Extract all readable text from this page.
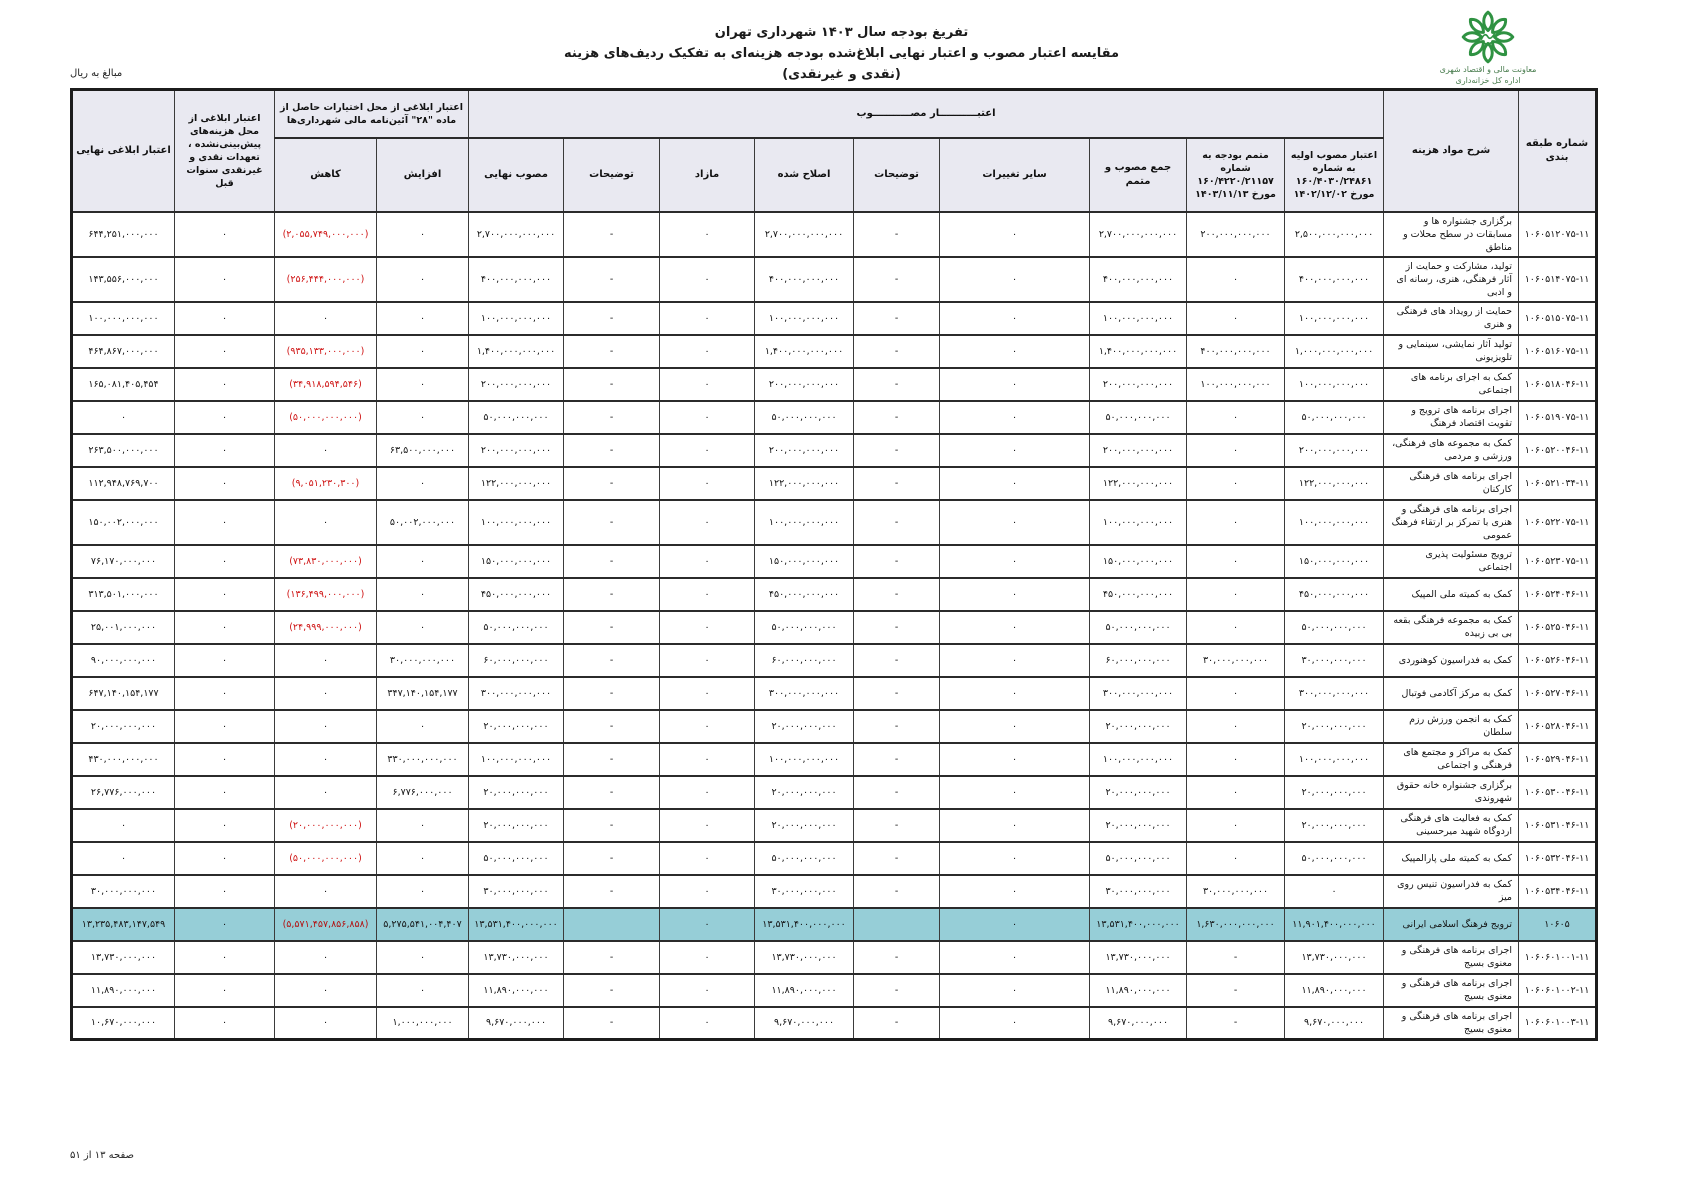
تفریغ بودجه سال ۱۴۰۳ شهرداری تهران
مقایسه اعتبار مصوب و اعتبار نهایی ابلاغ‌شده بودجه هزینه‌ای به تفکیک ردیف‌های هزینه
(نقدی و غیرنقدی)
مبالغ به ریال	معاونت مالی و اقتصاد شهری
اداره کل خزانه‌داری
شماره طبقه بندی	شرح مواد هزینه	اعتبـــــــــــار مصـــــــــــوب									اعتبار ابلاغی از محل اختیارات حاصل از ماده "۲۸" آئین‌نامه مالی شهرداری‌ها		اعتبار ابلاغی از محل هزینه‌های پیش‌بینی‌نشده ، تعهدات نقدی و غیرنقدی سنوات قبل	اعتبار ابلاغی نهایی
		اعتبار مصوب اولیه به شماره ۱۶۰/۴۰۳۰/۲۴۸۶۱ مورخ ۱۴۰۲/۱۲/۰۲	متمم بودجه به شماره ۱۶۰/۴۲۲۰/۲۱۱۵۷ مورخ ۱۴۰۳/۱۱/۱۳	جمع مصوب و متمم	سایر تغییرات	توضیحات	اصلاح شده	مازاد	توضیحات	مصوب نهایی	افزایش	کاهش		
۱۰۶۰۵۱۲۰۷۵-۱۱	برگزاری جشنواره ها و مسابقات در سطح محلات و مناطق	۲,۵۰۰,۰۰۰,۰۰۰,۰۰۰	۲۰۰,۰۰۰,۰۰۰,۰۰۰	۲,۷۰۰,۰۰۰,۰۰۰,۰۰۰	۰	-	۲,۷۰۰,۰۰۰,۰۰۰,۰۰۰	۰	-	۲,۷۰۰,۰۰۰,۰۰۰,۰۰۰	۰	(۲,۰۵۵,۷۴۹,۰۰۰,۰۰۰)	۰	۶۴۴,۲۵۱,۰۰۰,۰۰۰
۱۰۶۰۵۱۴۰۷۵-۱۱	تولید، مشارکت و حمایت از آثار فرهنگی، هنری، رسانه ای و ادبی	۴۰۰,۰۰۰,۰۰۰,۰۰۰	۰	۴۰۰,۰۰۰,۰۰۰,۰۰۰	۰	-	۴۰۰,۰۰۰,۰۰۰,۰۰۰	۰	-	۴۰۰,۰۰۰,۰۰۰,۰۰۰	۰	(۲۵۶,۴۴۴,۰۰۰,۰۰۰)	۰	۱۴۳,۵۵۶,۰۰۰,۰۰۰
۱۰۶۰۵۱۵۰۷۵-۱۱	حمایت از رویداد های فرهنگی و هنری	۱۰۰,۰۰۰,۰۰۰,۰۰۰	۰	۱۰۰,۰۰۰,۰۰۰,۰۰۰	۰	-	۱۰۰,۰۰۰,۰۰۰,۰۰۰	۰	-	۱۰۰,۰۰۰,۰۰۰,۰۰۰	۰	۰	۰	۱۰۰,۰۰۰,۰۰۰,۰۰۰
۱۰۶۰۵۱۶۰۷۵-۱۱	تولید آثار نمایشی، سینمایی و تلویزیونی	۱,۰۰۰,۰۰۰,۰۰۰,۰۰۰	۴۰۰,۰۰۰,۰۰۰,۰۰۰	۱,۴۰۰,۰۰۰,۰۰۰,۰۰۰	۰	-	۱,۴۰۰,۰۰۰,۰۰۰,۰۰۰	۰	-	۱,۴۰۰,۰۰۰,۰۰۰,۰۰۰	۰	(۹۳۵,۱۳۳,۰۰۰,۰۰۰)	۰	۴۶۴,۸۶۷,۰۰۰,۰۰۰
۱۰۶۰۵۱۸۰۴۶-۱۱	کمک به اجرای برنامه های اجتماعی	۱۰۰,۰۰۰,۰۰۰,۰۰۰	۱۰۰,۰۰۰,۰۰۰,۰۰۰	۲۰۰,۰۰۰,۰۰۰,۰۰۰	۰	-	۲۰۰,۰۰۰,۰۰۰,۰۰۰	۰	-	۲۰۰,۰۰۰,۰۰۰,۰۰۰	۰	(۳۴,۹۱۸,۵۹۴,۵۴۶)	۰	۱۶۵,۰۸۱,۴۰۵,۴۵۴
۱۰۶۰۵۱۹۰۷۵-۱۱	اجرای برنامه های ترویج و تقویت اقتصاد فرهنگ	۵۰,۰۰۰,۰۰۰,۰۰۰	۰	۵۰,۰۰۰,۰۰۰,۰۰۰	۰	-	۵۰,۰۰۰,۰۰۰,۰۰۰	۰	-	۵۰,۰۰۰,۰۰۰,۰۰۰	۰	(۵۰,۰۰۰,۰۰۰,۰۰۰)	۰	۰
۱۰۶۰۵۲۰۰۴۶-۱۱	کمک به مجموعه های فرهنگی، ورزشی و مردمی	۲۰۰,۰۰۰,۰۰۰,۰۰۰	۰	۲۰۰,۰۰۰,۰۰۰,۰۰۰	۰	-	۲۰۰,۰۰۰,۰۰۰,۰۰۰	۰	-	۲۰۰,۰۰۰,۰۰۰,۰۰۰	۶۳,۵۰۰,۰۰۰,۰۰۰	۰	۰	۲۶۳,۵۰۰,۰۰۰,۰۰۰
۱۰۶۰۵۲۱۰۳۴-۱۱	اجرای برنامه های فرهنگی کارکنان	۱۲۲,۰۰۰,۰۰۰,۰۰۰	۰	۱۲۲,۰۰۰,۰۰۰,۰۰۰	۰	-	۱۲۲,۰۰۰,۰۰۰,۰۰۰	۰	-	۱۲۲,۰۰۰,۰۰۰,۰۰۰	۰	(۹,۰۵۱,۲۳۰,۳۰۰)	۰	۱۱۲,۹۴۸,۷۶۹,۷۰۰
۱۰۶۰۵۲۲۰۷۵-۱۱	اجرای برنامه های فرهنگی و هنری با تمرکز بر ارتقاء فرهنگ عمومی	۱۰۰,۰۰۰,۰۰۰,۰۰۰	۰	۱۰۰,۰۰۰,۰۰۰,۰۰۰	۰	-	۱۰۰,۰۰۰,۰۰۰,۰۰۰	۰	-	۱۰۰,۰۰۰,۰۰۰,۰۰۰	۵۰,۰۰۲,۰۰۰,۰۰۰	۰	۰	۱۵۰,۰۰۲,۰۰۰,۰۰۰
۱۰۶۰۵۲۳۰۷۵-۱۱	ترویج مسئولیت پذیری اجتماعی	۱۵۰,۰۰۰,۰۰۰,۰۰۰	۰	۱۵۰,۰۰۰,۰۰۰,۰۰۰	۰	-	۱۵۰,۰۰۰,۰۰۰,۰۰۰	۰	-	۱۵۰,۰۰۰,۰۰۰,۰۰۰	۰	(۷۳,۸۳۰,۰۰۰,۰۰۰)	۰	۷۶,۱۷۰,۰۰۰,۰۰۰
۱۰۶۰۵۲۴۰۴۶-۱۱	کمک به کمیته ملی المپیک	۴۵۰,۰۰۰,۰۰۰,۰۰۰	۰	۴۵۰,۰۰۰,۰۰۰,۰۰۰	۰	-	۴۵۰,۰۰۰,۰۰۰,۰۰۰	۰	-	۴۵۰,۰۰۰,۰۰۰,۰۰۰	۰	(۱۳۶,۴۹۹,۰۰۰,۰۰۰)	۰	۳۱۳,۵۰۱,۰۰۰,۰۰۰
۱۰۶۰۵۲۵۰۴۶-۱۱	کمک به مجموعه فرهنگی بقعه بی بی زبیده	۵۰,۰۰۰,۰۰۰,۰۰۰	۰	۵۰,۰۰۰,۰۰۰,۰۰۰	۰	-	۵۰,۰۰۰,۰۰۰,۰۰۰	۰	-	۵۰,۰۰۰,۰۰۰,۰۰۰	۰	(۲۴,۹۹۹,۰۰۰,۰۰۰)	۰	۲۵,۰۰۱,۰۰۰,۰۰۰
۱۰۶۰۵۲۶۰۴۶-۱۱	کمک به فدراسیون کوهنوردی	۳۰,۰۰۰,۰۰۰,۰۰۰	۳۰,۰۰۰,۰۰۰,۰۰۰	۶۰,۰۰۰,۰۰۰,۰۰۰	۰	-	۶۰,۰۰۰,۰۰۰,۰۰۰	۰	-	۶۰,۰۰۰,۰۰۰,۰۰۰	۳۰,۰۰۰,۰۰۰,۰۰۰	۰	۰	۹۰,۰۰۰,۰۰۰,۰۰۰
۱۰۶۰۵۲۷۰۴۶-۱۱	کمک به مرکز آکادمی فوتبال	۳۰۰,۰۰۰,۰۰۰,۰۰۰	۰	۳۰۰,۰۰۰,۰۰۰,۰۰۰	۰	-	۳۰۰,۰۰۰,۰۰۰,۰۰۰	۰	-	۳۰۰,۰۰۰,۰۰۰,۰۰۰	۳۴۷,۱۴۰,۱۵۴,۱۷۷	۰	۰	۶۴۷,۱۴۰,۱۵۴,۱۷۷
۱۰۶۰۵۲۸۰۴۶-۱۱	کمک به انجمن ورزش رزم سلطان	۲۰,۰۰۰,۰۰۰,۰۰۰	۰	۲۰,۰۰۰,۰۰۰,۰۰۰	۰	-	۲۰,۰۰۰,۰۰۰,۰۰۰	۰	-	۲۰,۰۰۰,۰۰۰,۰۰۰	۰	۰	۰	۲۰,۰۰۰,۰۰۰,۰۰۰
۱۰۶۰۵۲۹۰۴۶-۱۱	کمک به مراکز و مجتمع های فرهنگی و اجتماعی	۱۰۰,۰۰۰,۰۰۰,۰۰۰	۰	۱۰۰,۰۰۰,۰۰۰,۰۰۰	۰	-	۱۰۰,۰۰۰,۰۰۰,۰۰۰	۰	-	۱۰۰,۰۰۰,۰۰۰,۰۰۰	۳۳۰,۰۰۰,۰۰۰,۰۰۰	۰	۰	۴۳۰,۰۰۰,۰۰۰,۰۰۰
۱۰۶۰۵۳۰۰۴۶-۱۱	برگزاری جشنواره خانه حقوق شهروندی	۲۰,۰۰۰,۰۰۰,۰۰۰	۰	۲۰,۰۰۰,۰۰۰,۰۰۰	۰	-	۲۰,۰۰۰,۰۰۰,۰۰۰	۰	-	۲۰,۰۰۰,۰۰۰,۰۰۰	۶,۷۷۶,۰۰۰,۰۰۰	۰	۰	۲۶,۷۷۶,۰۰۰,۰۰۰
۱۰۶۰۵۳۱۰۴۶-۱۱	کمک به فعالیت های فرهنگی اردوگاه شهید میرحسینی	۲۰,۰۰۰,۰۰۰,۰۰۰	۰	۲۰,۰۰۰,۰۰۰,۰۰۰	۰	-	۲۰,۰۰۰,۰۰۰,۰۰۰	۰	-	۲۰,۰۰۰,۰۰۰,۰۰۰	۰	(۲۰,۰۰۰,۰۰۰,۰۰۰)	۰	۰
۱۰۶۰۵۳۲۰۴۶-۱۱	کمک به کمیته ملی پارالمپیک	۵۰,۰۰۰,۰۰۰,۰۰۰	۰	۵۰,۰۰۰,۰۰۰,۰۰۰	۰	-	۵۰,۰۰۰,۰۰۰,۰۰۰	۰	-	۵۰,۰۰۰,۰۰۰,۰۰۰	۰	(۵۰,۰۰۰,۰۰۰,۰۰۰)	۰	۰
۱۰۶۰۵۳۴۰۴۶-۱۱	کمک به فدراسیون تنیس روی میز	۰	۳۰,۰۰۰,۰۰۰,۰۰۰	۳۰,۰۰۰,۰۰۰,۰۰۰	۰	-	۳۰,۰۰۰,۰۰۰,۰۰۰	۰	-	۳۰,۰۰۰,۰۰۰,۰۰۰	۰	۰	۰	۳۰,۰۰۰,۰۰۰,۰۰۰
۱۰۶۰۵	ترویج فرهنگ اسلامی ایرانی	۱۱,۹۰۱,۴۰۰,۰۰۰,۰۰۰	۱,۶۳۰,۰۰۰,۰۰۰,۰۰۰	۱۳,۵۳۱,۴۰۰,۰۰۰,۰۰۰	۰		۱۳,۵۳۱,۴۰۰,۰۰۰,۰۰۰	۰		۱۳,۵۳۱,۴۰۰,۰۰۰,۰۰۰	۵,۲۷۵,۵۴۱,۰۰۴,۴۰۷	(۵,۵۷۱,۴۵۷,۸۵۶,۸۵۸)	۰	۱۳,۲۳۵,۴۸۳,۱۴۷,۵۴۹
۱۰۶۰۶۰۱۰۰۱-۱۱	اجرای برنامه های فرهنگی و معنوی بسیج	۱۳,۷۳۰,۰۰۰,۰۰۰	-	۱۳,۷۳۰,۰۰۰,۰۰۰	۰	-	۱۳,۷۳۰,۰۰۰,۰۰۰	۰	-	۱۳,۷۳۰,۰۰۰,۰۰۰	۰	۰	۰	۱۳,۷۳۰,۰۰۰,۰۰۰
۱۰۶۰۶۰۱۰۰۲-۱۱	اجرای برنامه های فرهنگی و معنوی بسیج	۱۱,۸۹۰,۰۰۰,۰۰۰	-	۱۱,۸۹۰,۰۰۰,۰۰۰	۰	-	۱۱,۸۹۰,۰۰۰,۰۰۰	۰	-	۱۱,۸۹۰,۰۰۰,۰۰۰	۰	۰	۰	۱۱,۸۹۰,۰۰۰,۰۰۰
۱۰۶۰۶۰۱۰۰۳-۱۱	اجرای برنامه های فرهنگی و معنوی بسیج	۹,۶۷۰,۰۰۰,۰۰۰	-	۹,۶۷۰,۰۰۰,۰۰۰	۰	-	۹,۶۷۰,۰۰۰,۰۰۰	۰	-	۹,۶۷۰,۰۰۰,۰۰۰	۱,۰۰۰,۰۰۰,۰۰۰	۰	۰	۱۰,۶۷۰,۰۰۰,۰۰۰
صفحه ۱۳ از ۵۱
